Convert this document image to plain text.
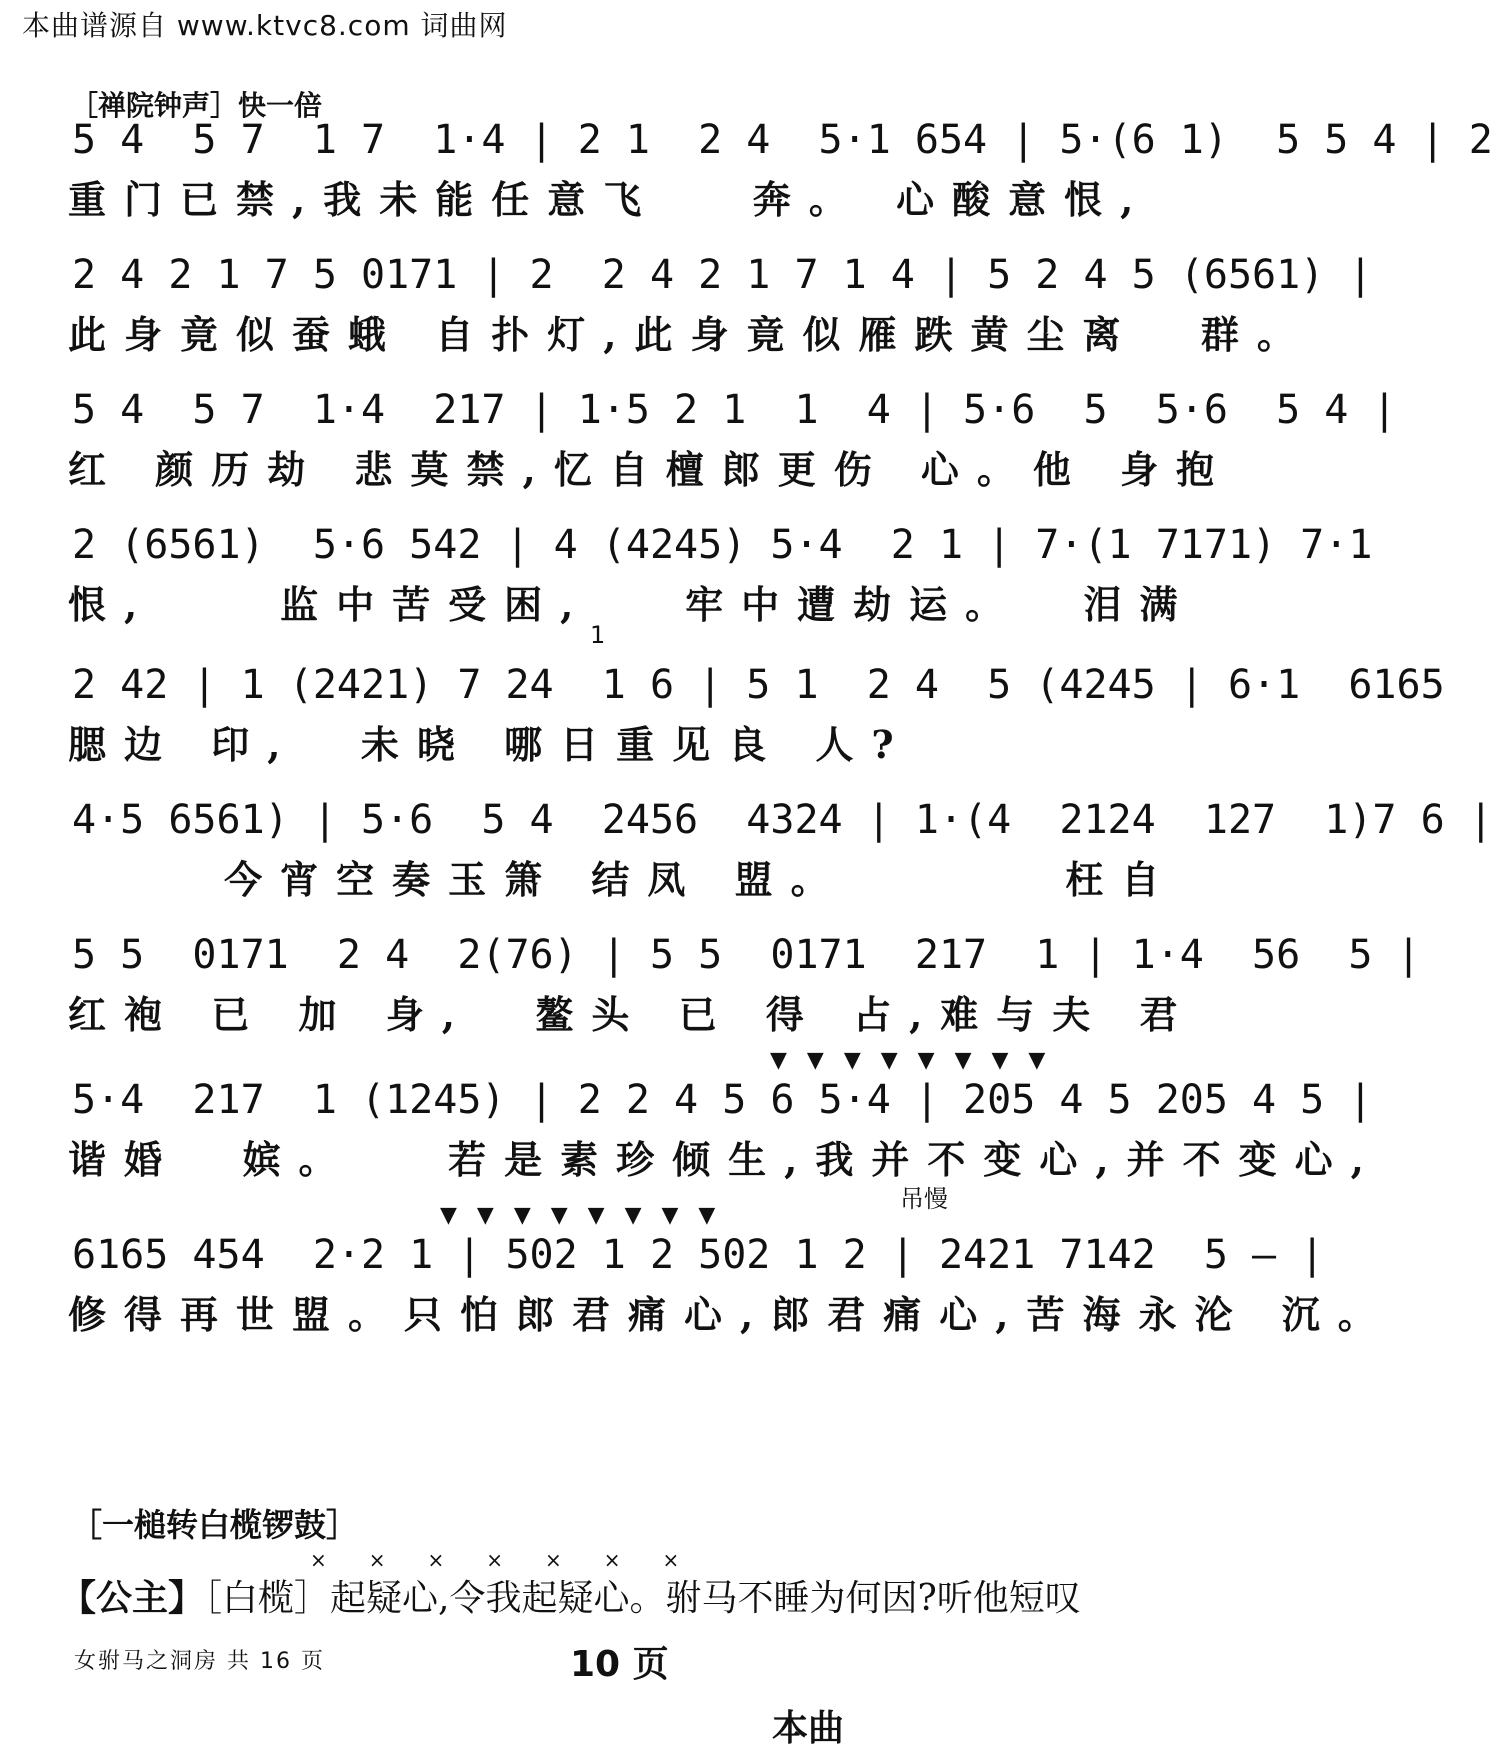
本曲谱源自 www.ktvc8.com 词曲网
［禅院钟声］快一倍

5 4  5 7  1 7  1·4 | 2 1  2 4  5·1 654 | 5·(6 1)  5 5 4 | 2

重门已禁,我未能任意飞   奔。 心酸意恨,

2 4 2 1 7 5 0171 | 2  2 4 2 1 7 1 4 | 5 2 4 5 (6561) |

此身竟似蚕蛾 自扑灯,此身竟似雁跌黄尘离  群。

5 4  5 7  1·4  217 | 1·5 2 1  1  4 | 5·6  5  5·6  5 4 |

红 颜历劫 悲莫禁,忆自檀郎更伤 心。他 身抱

2 (6561)  5·6 542 | 4 (4245) 5·4  2 1 | 7·(1 7171) 7·1

恨,    监中苦受困,   牢中遭劫运。  泪满
1

2 42 | 1 (2421) 7 24  1 6 | 5 1  2 4  5 (4245 | 6·1  6165

腮边 印,  未晓 哪日重见良 人?

4·5 6561) | 5·6  5 4  2456  4324 | 1·(4  2124  127  1)7 6 |

今宵空奏玉箫 结凤 盟。       枉自

5 5  0171  2 4  2(76) | 5 5  0171  217  1 | 1·4  56  5 |

红袍 已 加 身,  鳌头 已 得 占,难与夫 君
▼▼▼▼▼▼▼▼

5·4  217  1 (1245) | 2 2 4 5 6 5·4 | 205 4 5 205 4 5 |

谐婚  嫔。   若是素珍倾生,我并不变心,并不变心,
▼▼▼▼▼▼▼▼
吊慢

6165 454  2·2 1 | 502 1 2 502 1 2 | 2421 7142  5 — |

修得再世盟。只怕郎君痛心,郎君痛心,苦海永沦 沉。
［一槌转白榄锣鼓］
×××××××
【公主】［白榄］起疑心,令我起疑心。驸马不睡为何因?听他短叹
女驸马之洞房 共 16 页	10 页
本曲
